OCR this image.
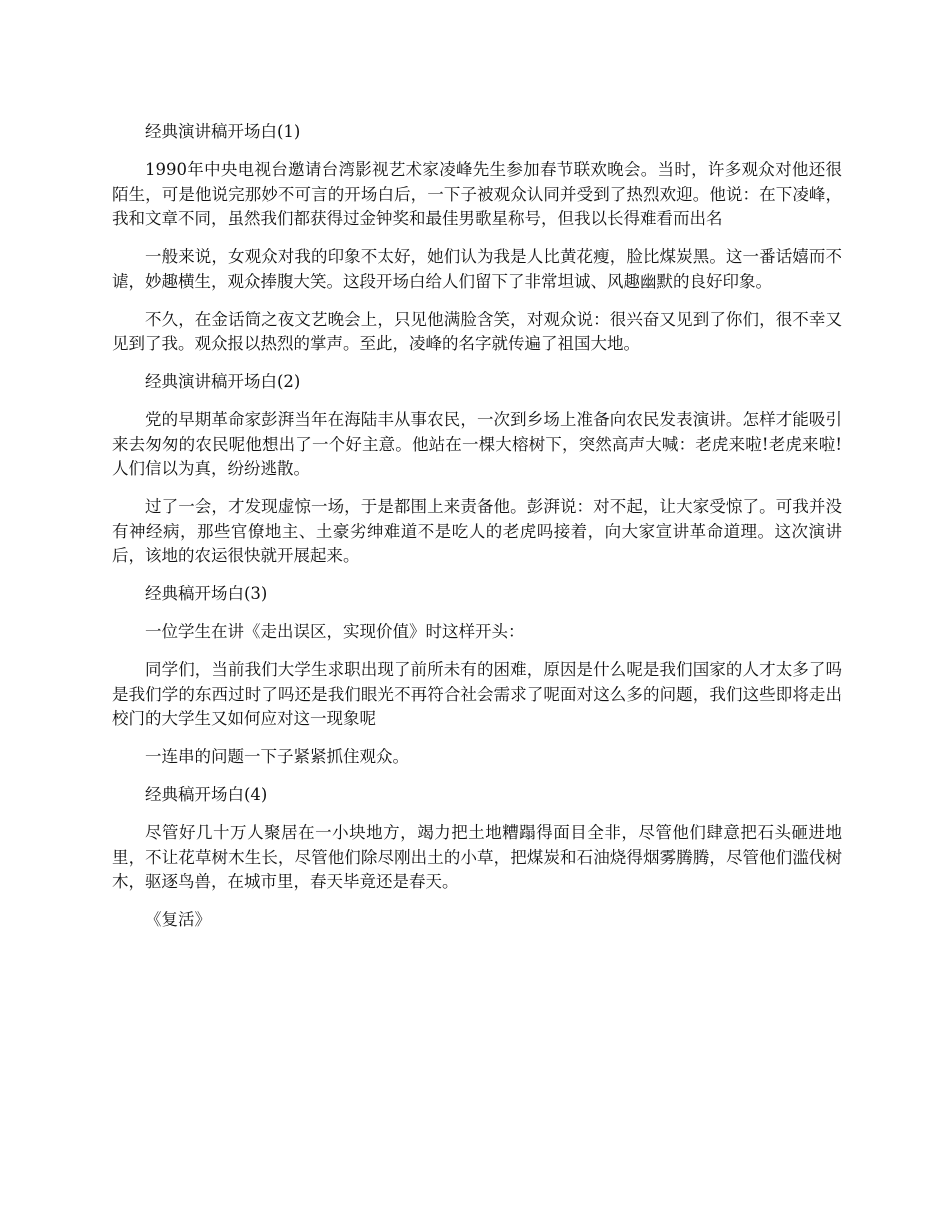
经典演讲稿开场白(1)

1990年中央电视台邀请台湾影视艺术家凌峰先生参加春节联欢晚会。当时，许多观众对他还很陌生，可是他说完那妙不可言的开场白后，一下子被观众认同并受到了热烈欢迎。他说：在下凌峰，我和文章不同，虽然我们都获得过金钟奖和最佳男歌星称号，但我以长得难看而出名

一般来说，女观众对我的印象不太好，她们认为我是人比黄花瘦，脸比煤炭黑。这一番话嬉而不谑，妙趣横生，观众捧腹大笑。这段开场白给人们留下了非常坦诚、风趣幽默的良好印象。

不久，在金话筒之夜文艺晚会上，只见他满脸含笑，对观众说：很兴奋又见到了你们，很不幸又见到了我。观众报以热烈的掌声。至此，凌峰的名字就传遍了祖国大地。

经典演讲稿开场白(2)

党的早期革命家彭湃当年在海陆丰从事农民，一次到乡场上准备向农民发表演讲。怎样才能吸引来去匆匆的农民呢他想出了一个好主意。他站在一棵大榕树下，突然高声大喊：老虎来啦!老虎来啦!人们信以为真，纷纷逃散。

过了一会，才发现虚惊一场，于是都围上来责备他。彭湃说：对不起，让大家受惊了。可我并没有神经病，那些官僚地主、土豪劣绅难道不是吃人的老虎吗接着，向大家宣讲革命道理。这次演讲后，该地的农运很快就开展起来。

经典稿开场白(3)

一位学生在讲《走出误区，实现价值》时这样开头：

同学们，当前我们大学生求职出现了前所未有的困难，原因是什么呢是我们国家的人才太多了吗是我们学的东西过时了吗还是我们眼光不再符合社会需求了呢面对这么多的问题，我们这些即将走出校门的大学生又如何应对这一现象呢

一连串的问题一下子紧紧抓住观众。

经典稿开场白(4)

尽管好几十万人聚居在一小块地方，竭力把土地糟蹋得面目全非，尽管他们肆意把石头砸进地里，不让花草树木生长，尽管他们除尽刚出土的小草，把煤炭和石油烧得烟雾腾腾，尽管他们滥伐树木，驱逐鸟兽，在城市里，春天毕竟还是春天。

《复活》
